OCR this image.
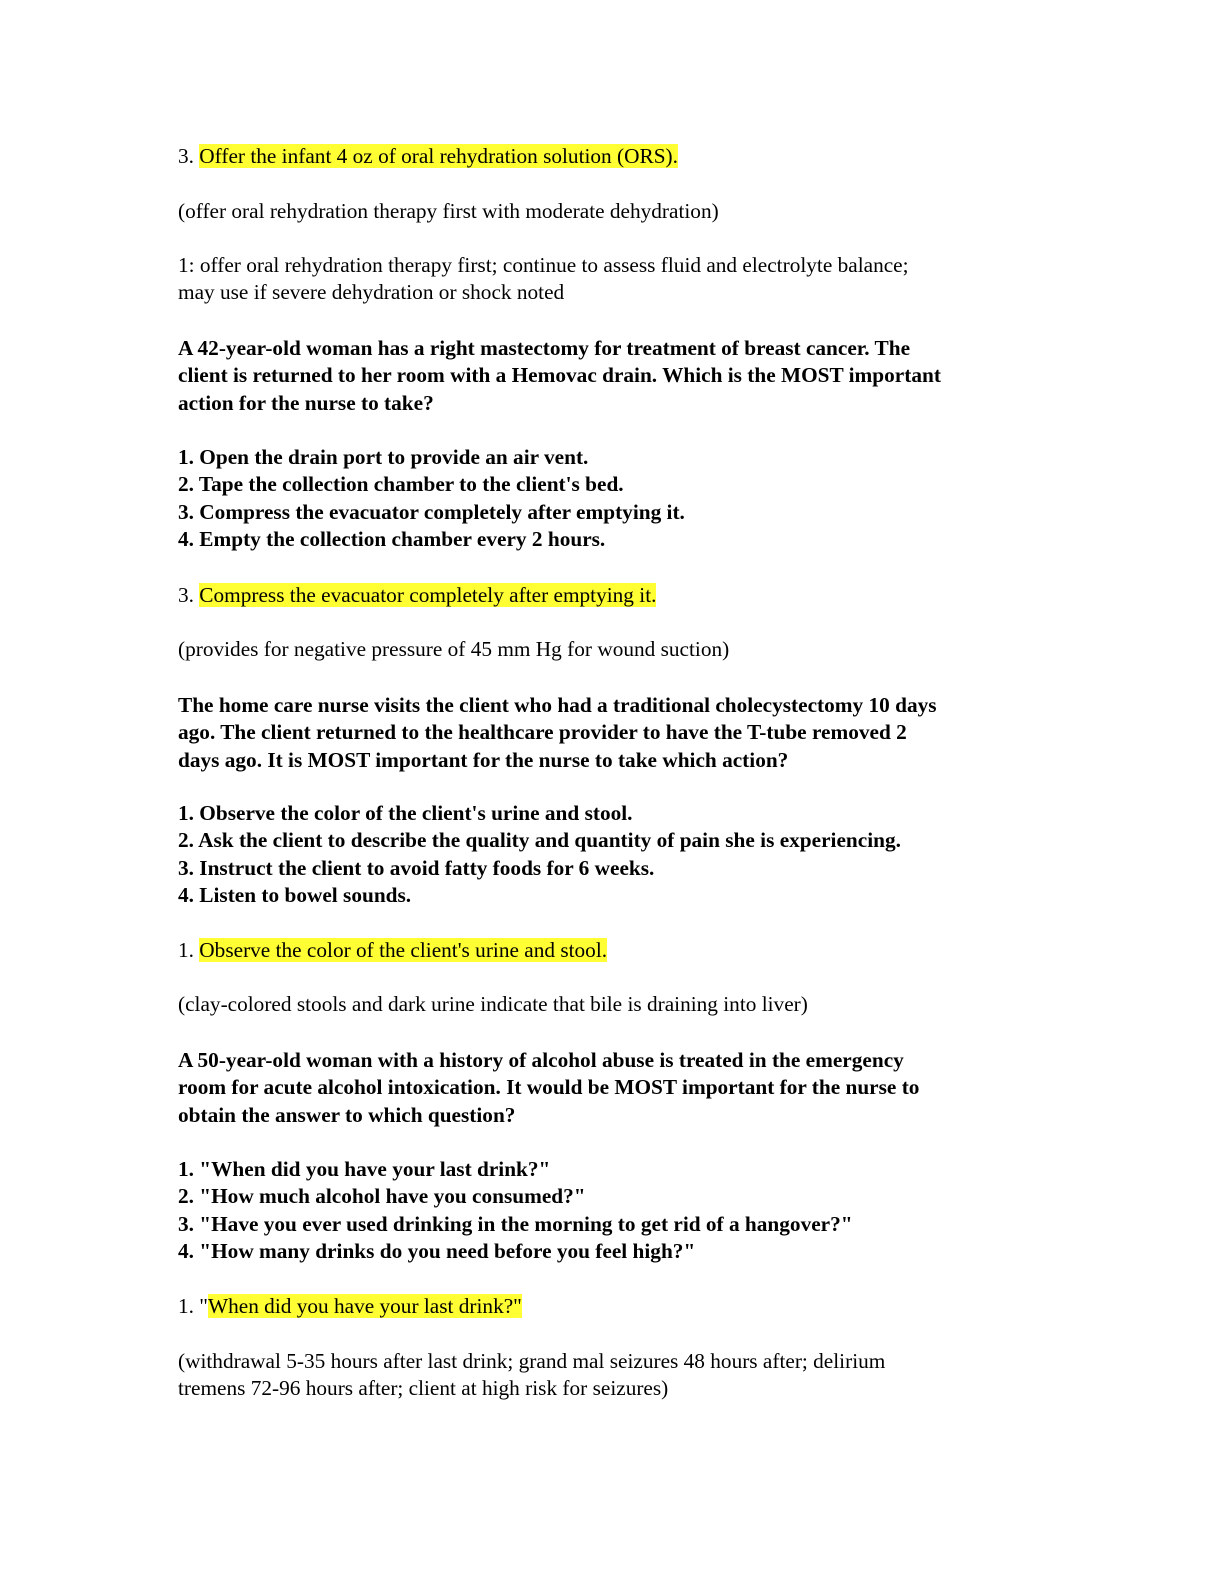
3. Offer the infant 4 oz of oral rehydration solution (ORS).
(offer oral rehydration therapy first with moderate dehydration)
1: offer oral rehydration therapy first; continue to assess fluid and electrolyte balance;
may use if severe dehydration or shock noted
A 42-year-old woman has a right mastectomy for treatment of breast cancer. The
client is returned to her room with a Hemovac drain. Which is the MOST important
action for the nurse to take?
1. Open the drain port to provide an air vent.
2. Tape the collection chamber to the client's bed.
3. Compress the evacuator completely after emptying it.
4. Empty the collection chamber every 2 hours.
3. Compress the evacuator completely after emptying it.
(provides for negative pressure of 45 mm Hg for wound suction)
The home care nurse visits the client who had a traditional cholecystectomy 10 days
ago. The client returned to the healthcare provider to have the T-tube removed 2
days ago. It is MOST important for the nurse to take which action?
1. Observe the color of the client's urine and stool.
2. Ask the client to describe the quality and quantity of pain she is experiencing.
3. Instruct the client to avoid fatty foods for 6 weeks.
4. Listen to bowel sounds.
1. Observe the color of the client's urine and stool.
(clay-colored stools and dark urine indicate that bile is draining into liver)
A 50-year-old woman with a history of alcohol abuse is treated in the emergency
room for acute alcohol intoxication. It would be MOST important for the nurse to
obtain the answer to which question?
1. "When did you have your last drink?"
2. "How much alcohol have you consumed?"
3. "Have you ever used drinking in the morning to get rid of a hangover?"
4. "How many drinks do you need before you feel high?"
1. "When did you have your last drink?"
(withdrawal 5-35 hours after last drink; grand mal seizures 48 hours after; delirium
tremens 72-96 hours after; client at high risk for seizures)
